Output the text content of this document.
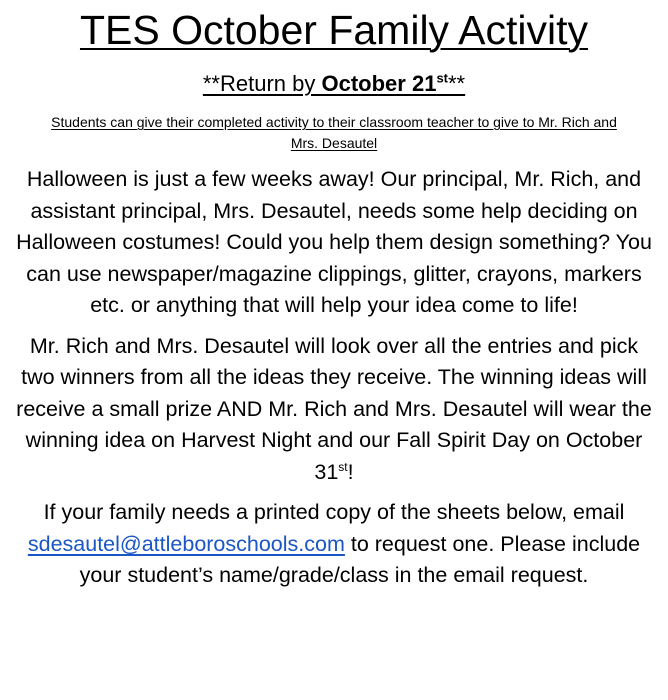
TES October Family Activity
**Return by October 21st**
Students can give their completed activity to their classroom teacher to give to Mr. Rich and Mrs. Desautel

Halloween is just a few weeks away! Our principal, Mr. Rich, and assistant principal, Mrs. Desautel, needs some help deciding on Halloween costumes! Could you help them design something? You can use newspaper/magazine clippings, glitter, crayons, markers etc. or anything that will help your idea come to life!

Mr. Rich and Mrs. Desautel will look over all the entries and pick two winners from all the ideas they receive. The winning ideas will receive a small prize AND Mr. Rich and Mrs. Desautel will wear the winning idea on Harvest Night and our Fall Spirit Day on October 31st!

If your family needs a printed copy of the sheets below, email sdesautel@attleboroschools.com to request one. Please include your student’s name/grade/class in the email request.
